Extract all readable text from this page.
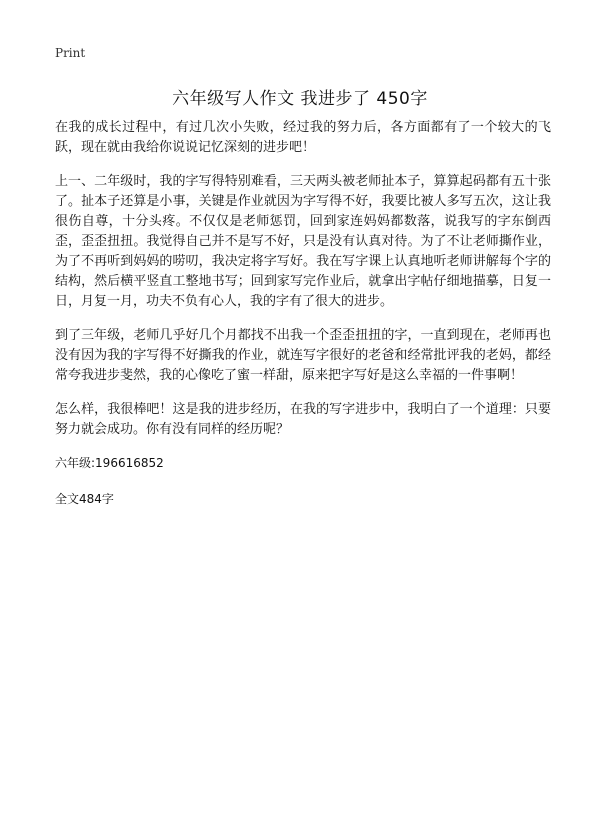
Print
六年级写人作文 我进步了 450字

在我的成长过程中，有过几次小失败，经过我的努力后，各方面都有了一个较大的飞跃，现在就由我给你说说记忆深刻的进步吧！

上一、二年级时，我的字写得特别难看，三天两头被老师扯本子，算算起码都有五十张了。扯本子还算是小事，关键是作业就因为字写得不好，我要比被人多写五次，这让我很伤自尊，十分头疼。不仅仅是老师惩罚，回到家连妈妈都数落，说我写的字东倒西歪，歪歪扭扭。我觉得自己并不是写不好，只是没有认真对待。为了不让老师撕作业，为了不再听到妈妈的唠叨，我决定将字写好。我在写字课上认真地听老师讲解每个字的结构，然后横平竖直工整地书写；回到家写完作业后，就拿出字帖仔细地描摹，日复一日，月复一月，功夫不负有心人，我的字有了很大的进步。

到了三年级，老师几乎好几个月都找不出我一个歪歪扭扭的字，一直到现在，老师再也没有因为我的字写得不好撕我的作业，就连写字很好的老爸和经常批评我的老妈，都经常夸我进步斐然，我的心像吃了蜜一样甜，原来把字写好是这么幸福的一件事啊！

怎么样，我很棒吧！这是我的进步经历，在我的写字进步中，我明白了一个道理：只要努力就会成功。你有没有同样的经历呢？

六年级:196616852
全文484字
